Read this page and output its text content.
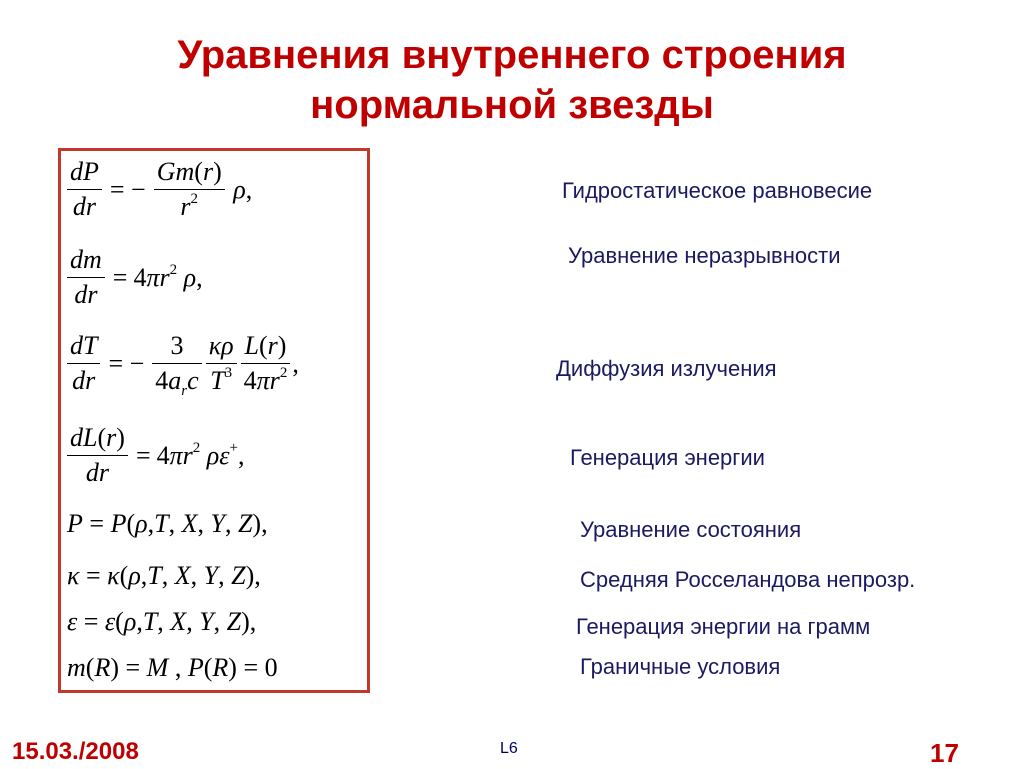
Уравнения внутреннего строения
нормальной звезды
$\frac{dP}{dr}$ = − $\frac{Gm(r)}{r^2} \rho$,
$\frac{dm}{dr} = 4\pi r^2$ ρ,
$\frac{dT}{dr}$ = − $\frac{3}{4a_rc} \frac{\kappa\rho}{T^3} \frac{L(r)}{4\pi r^2}$ ,
$\frac{dL(r)}{dr} = 4\pi r^2$ ρε+,
P = P(ρ,T, X, Y, Z),
κ = κ(ρ,T, X, Y, Z),
ε = ε(ρ,T, X, Y, Z),
m(R) = M , P(R) = 0
Гидростатическое равновесие
Уравнение неразрывности
Диффузия излучения
Генерация энергии
Уравнение состояния
Средняя Росселандова непрозр.
Генерация энергии на грамм
Граничные условия
15.03./2008	L6	17
